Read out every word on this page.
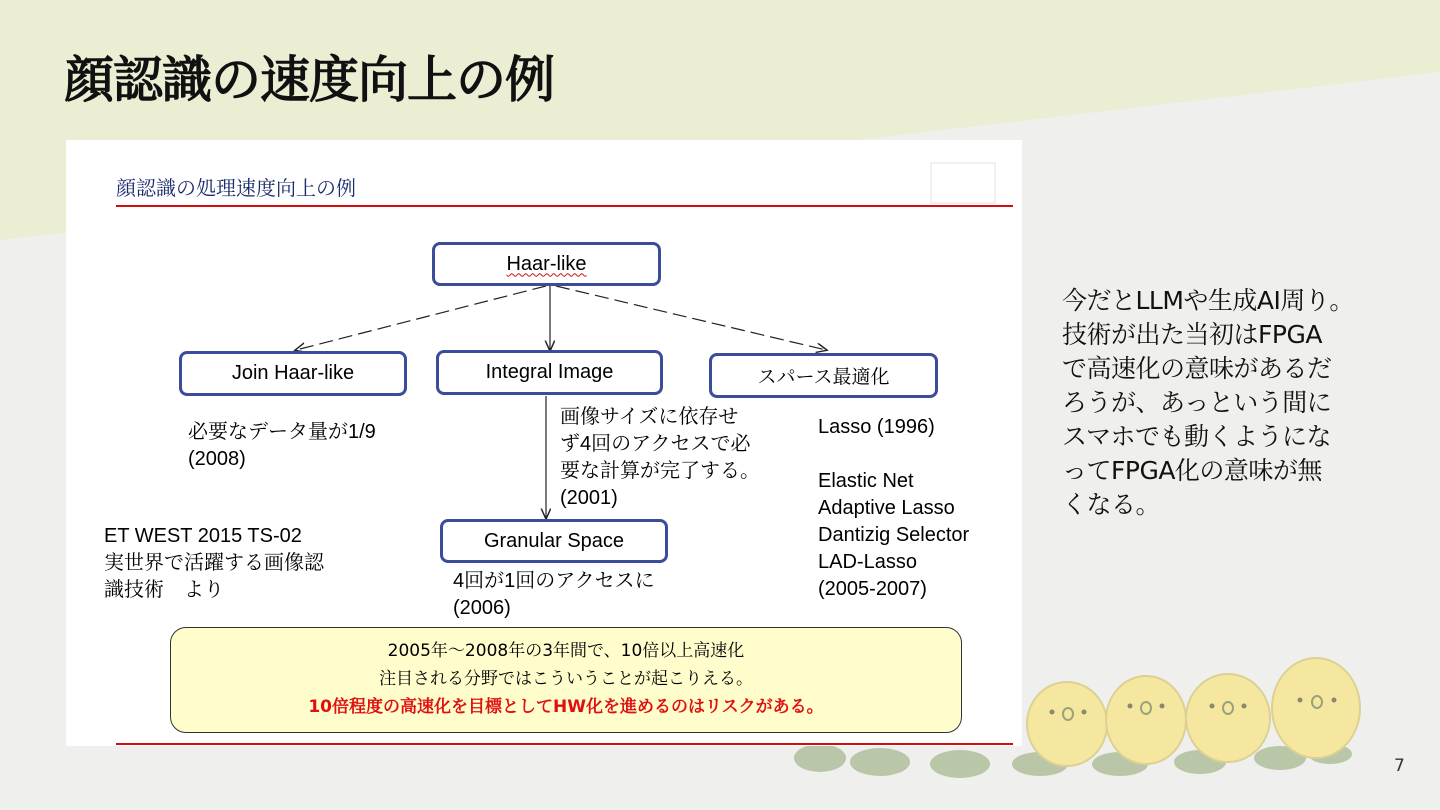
顔認識の速度向上の例
顔認識の処理速度向上の例
Haar-like
Join Haar-like	Integral Image	スパース最適化
Granular Space
必要なデータ量が1/9
(2008)
画像サイズに依存せ
ず4回のアクセスで必
要な計算が完了する。
(2001)
Lasso (1996)

Elastic Net
Adaptive Lasso
Dantizig Selector
LAD-Lasso
(2005-2007)
4回が1回のアクセスに
(2006)
ET WEST 2015 TS-02
実世界で活躍する画像認
識技術　より
2005年～2008年の3年間で、10倍以上高速化
注目される分野ではこういうことが起こりえる。
10倍程度の高速化を目標としてHW化を進めるのはリスクがある。
今だとLLMや生成AI周り。
技術が出た当初はFPGA
で高速化の意味があるだ
ろうが、あっという間に
スマホでも動くようにな
ってFPGA化の意味が無
くなる。
7
